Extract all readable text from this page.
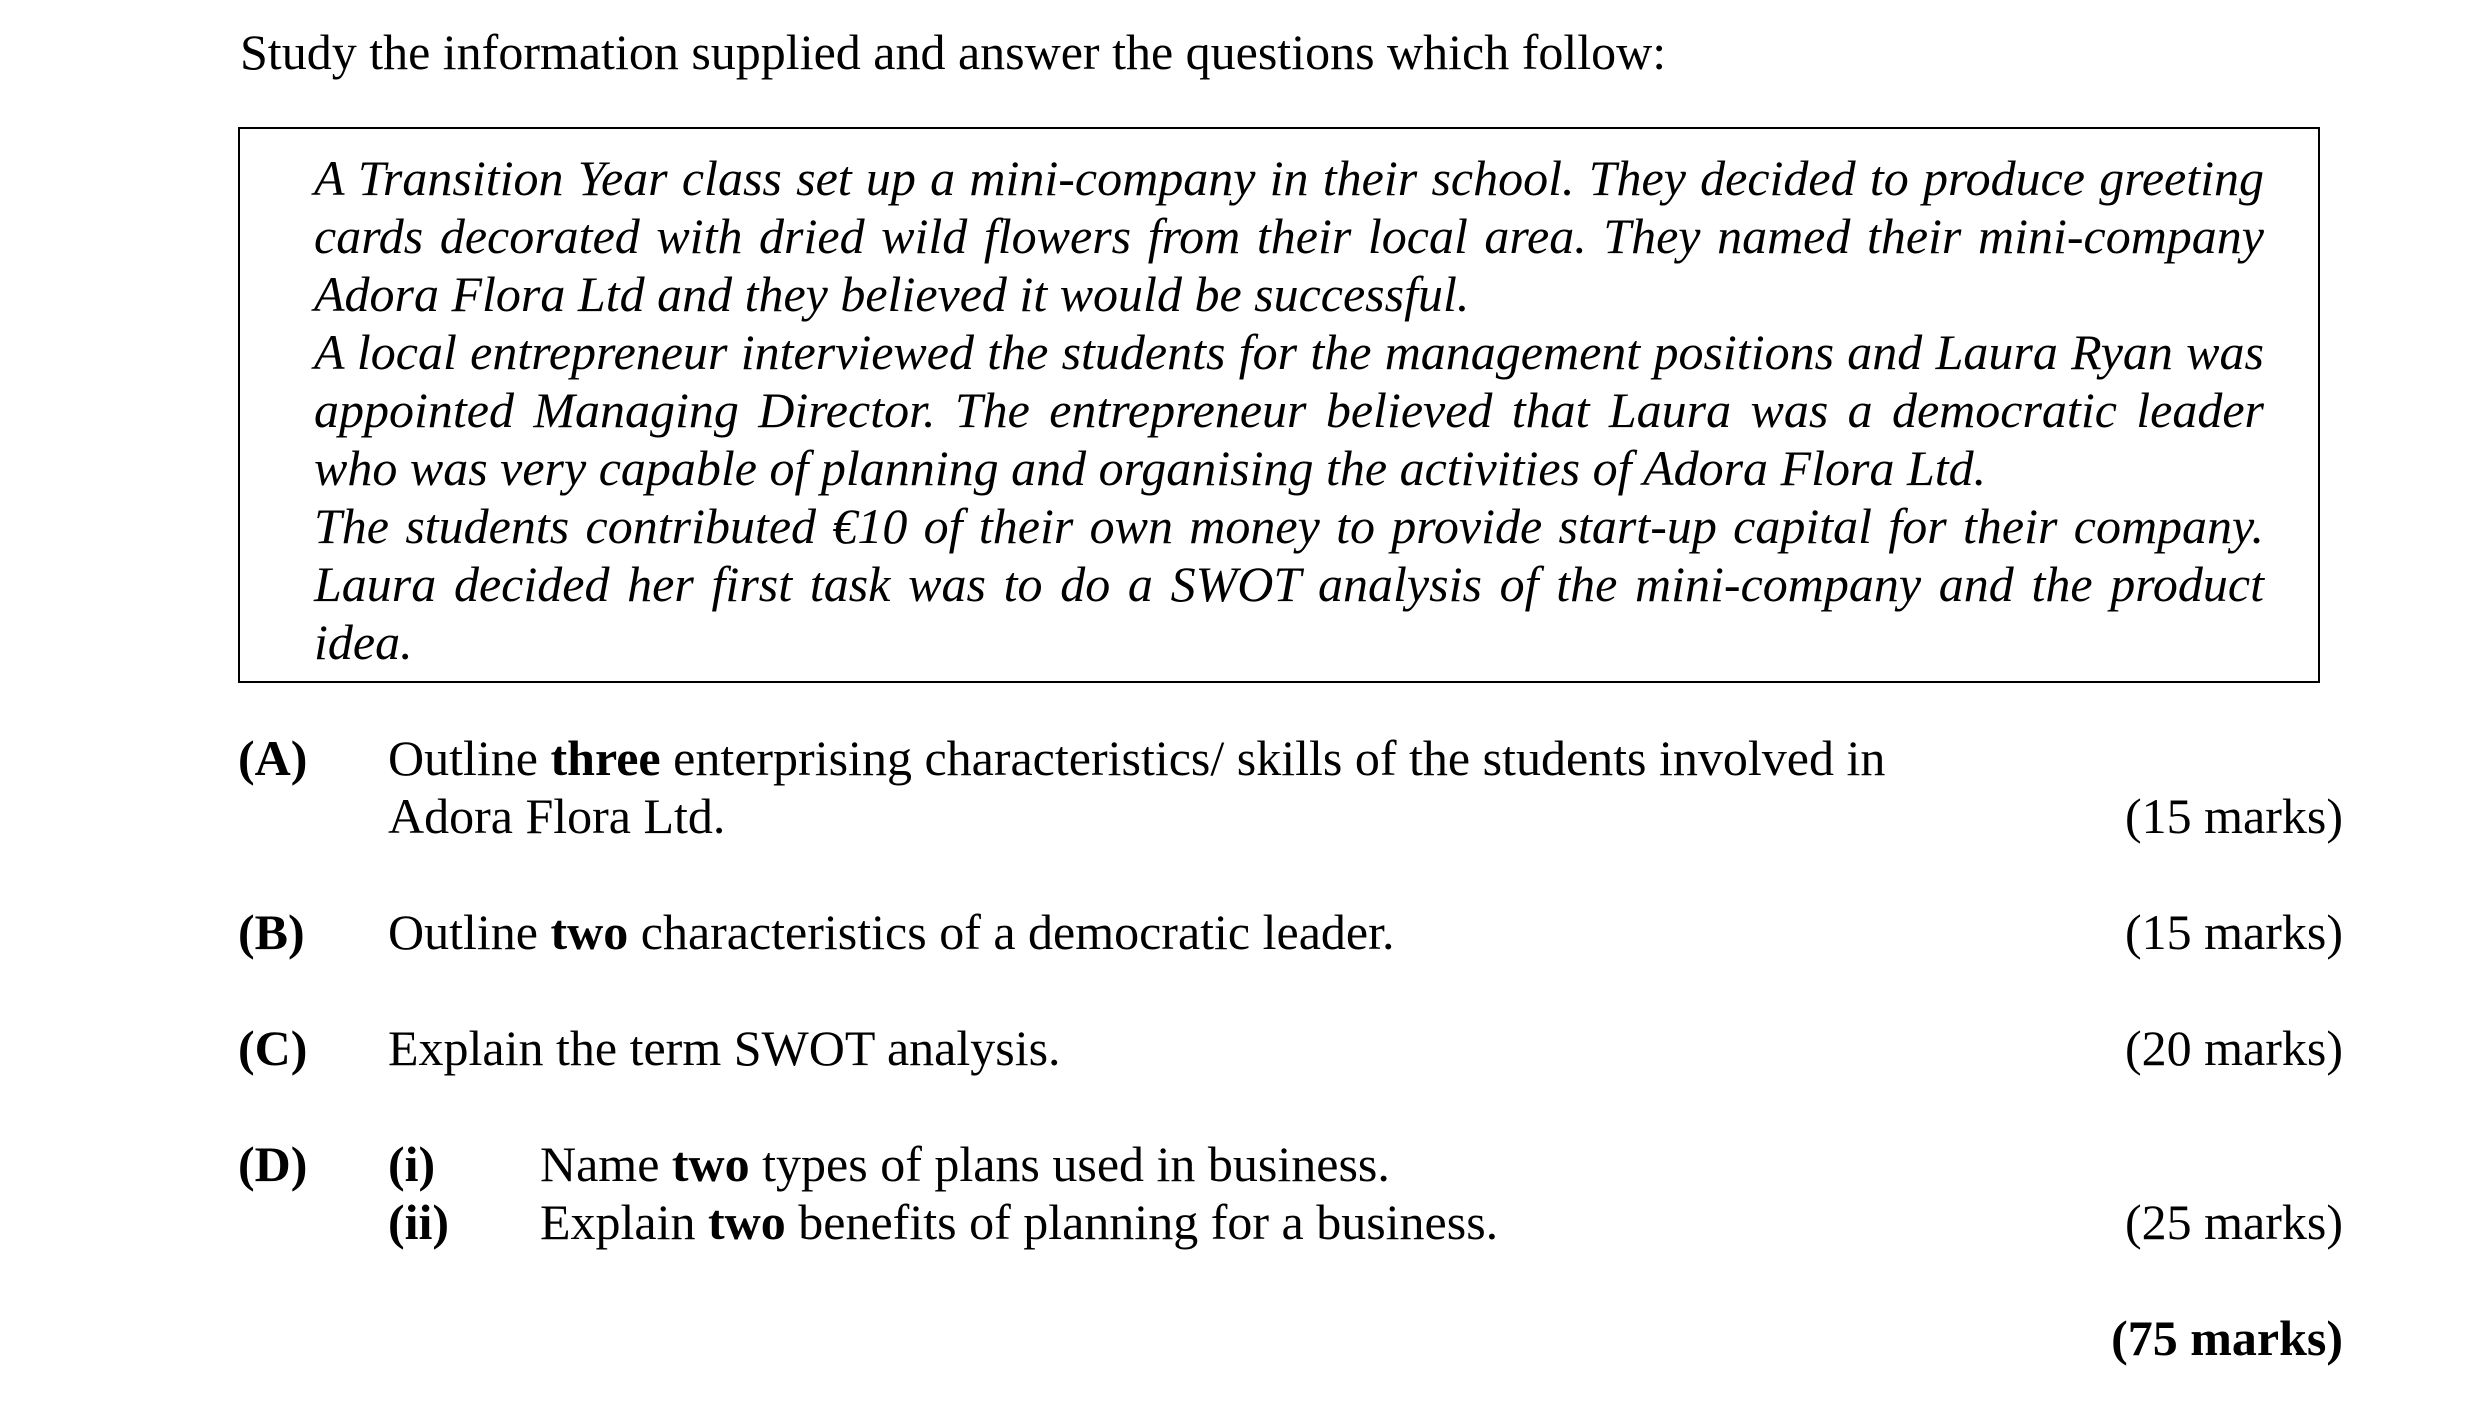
Study the information supplied and answer the questions which follow:

A Transition Year class set up a mini-company in their school. They decided to produce greeting cards decorated with dried wild flowers from their local area. They named their mini-company Adora Flora Ltd and they believed it would be successful.

A local entrepreneur interviewed the students for the management positions and Laura Ryan was appointed Managing Director. The entrepreneur believed that Laura was a democratic leader who was very capable of planning and organising the activities of Adora Flora Ltd.

The students contributed €10 of their own money to provide start-up capital for their company. Laura decided her first task was to do a SWOT analysis of the mini-company and the product idea.

(A) Outline three enterprising characteristics/ skills of the students involved in
Adora Flora Ltd.	(15 marks)
(B) Outline two characteristics of a democratic leader.	(15 marks)
(C) Explain the term SWOT analysis.	(20 marks)
(D) (i) Name two types of plans used in business.
(ii) Explain two benefits of planning for a business.	(25 marks)
(75 marks)
